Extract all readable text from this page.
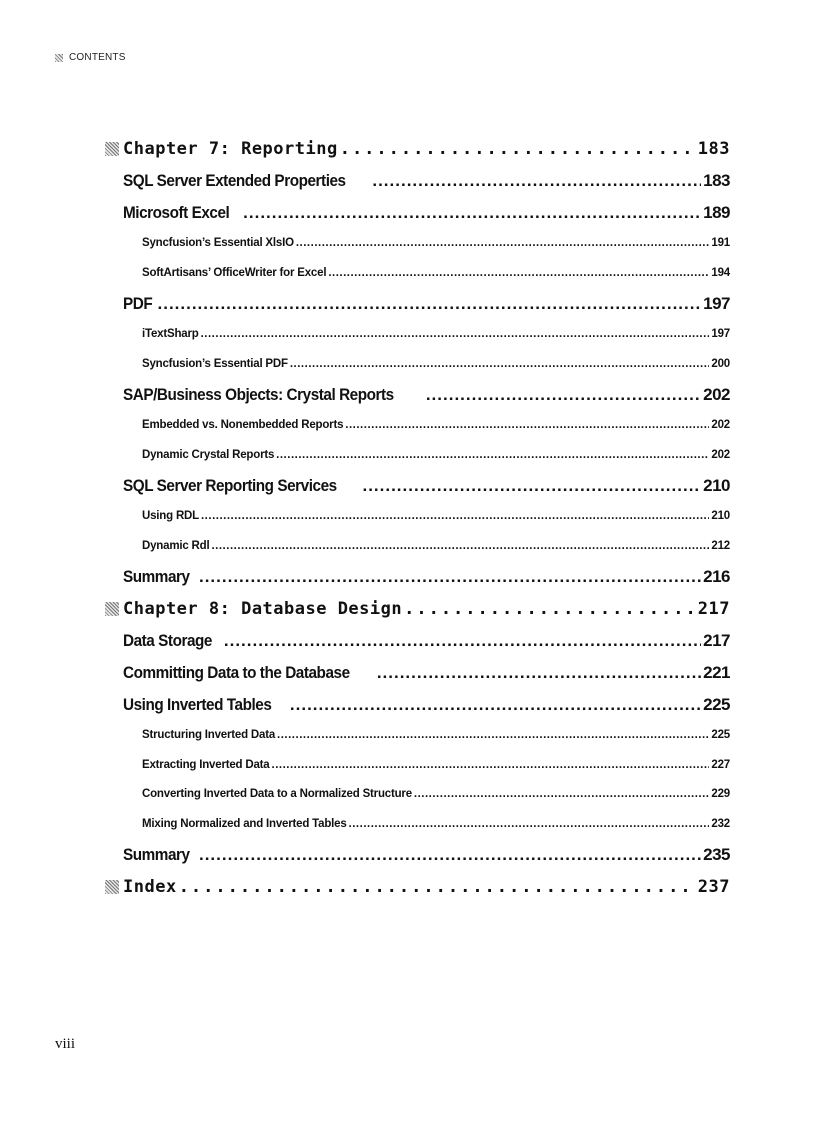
CONTENTS
Chapter 7: Reporting .....	183
SQL Server Extended Properties .....	183
Microsoft Excel .....	189
Syncfusion’s Essential XlsIO .....	191
SoftArtisans’ OfficeWriter for Excel .....	194
PDF .....	197
iTextSharp .....	197
Syncfusion’s Essential PDF .....	200
SAP/Business Objects: Crystal Reports .....	202
Embedded vs. Nonembedded Reports .....	202
Dynamic Crystal Reports .....	202
SQL Server Reporting Services .....	210
Using RDL .....	210
Dynamic Rdl .....	212
Summary .....	216
Chapter 8: Database Design .....	217
Data Storage .....	217
Committing Data to the Database .....	221
Using Inverted Tables .....	225
Structuring Inverted Data .....	225
Extracting Inverted Data .....	227
Converting Inverted Data to a Normalized Structure .....	229
Mixing Normalized and Inverted Tables .....	232
Summary .....	235
Index .....	237
viii
